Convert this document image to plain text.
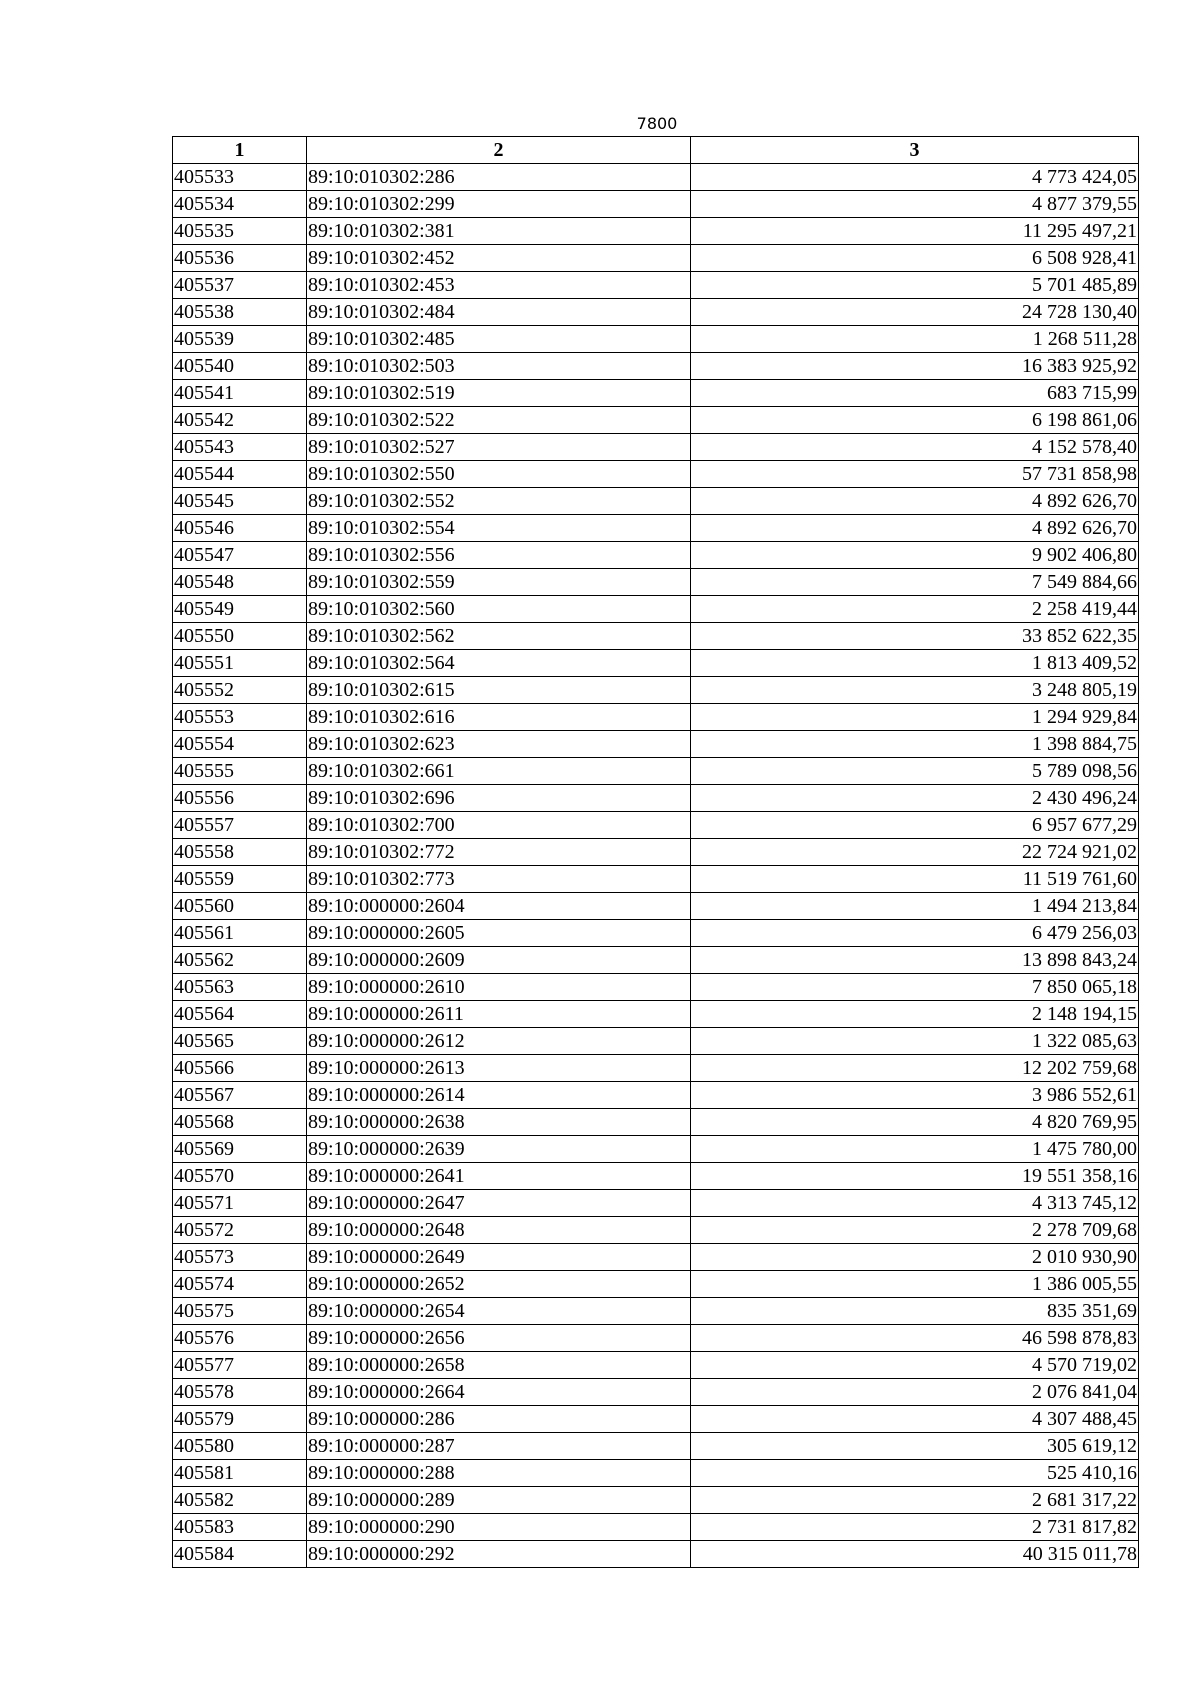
7800
1	2	3
405533	89:10:010302:286	4 773 424,05
405534	89:10:010302:299	4 877 379,55
405535	89:10:010302:381	11 295 497,21
405536	89:10:010302:452	6 508 928,41
405537	89:10:010302:453	5 701 485,89
405538	89:10:010302:484	24 728 130,40
405539	89:10:010302:485	1 268 511,28
405540	89:10:010302:503	16 383 925,92
405541	89:10:010302:519	683 715,99
405542	89:10:010302:522	6 198 861,06
405543	89:10:010302:527	4 152 578,40
405544	89:10:010302:550	57 731 858,98
405545	89:10:010302:552	4 892 626,70
405546	89:10:010302:554	4 892 626,70
405547	89:10:010302:556	9 902 406,80
405548	89:10:010302:559	7 549 884,66
405549	89:10:010302:560	2 258 419,44
405550	89:10:010302:562	33 852 622,35
405551	89:10:010302:564	1 813 409,52
405552	89:10:010302:615	3 248 805,19
405553	89:10:010302:616	1 294 929,84
405554	89:10:010302:623	1 398 884,75
405555	89:10:010302:661	5 789 098,56
405556	89:10:010302:696	2 430 496,24
405557	89:10:010302:700	6 957 677,29
405558	89:10:010302:772	22 724 921,02
405559	89:10:010302:773	11 519 761,60
405560	89:10:000000:2604	1 494 213,84
405561	89:10:000000:2605	6 479 256,03
405562	89:10:000000:2609	13 898 843,24
405563	89:10:000000:2610	7 850 065,18
405564	89:10:000000:2611	2 148 194,15
405565	89:10:000000:2612	1 322 085,63
405566	89:10:000000:2613	12 202 759,68
405567	89:10:000000:2614	3 986 552,61
405568	89:10:000000:2638	4 820 769,95
405569	89:10:000000:2639	1 475 780,00
405570	89:10:000000:2641	19 551 358,16
405571	89:10:000000:2647	4 313 745,12
405572	89:10:000000:2648	2 278 709,68
405573	89:10:000000:2649	2 010 930,90
405574	89:10:000000:2652	1 386 005,55
405575	89:10:000000:2654	835 351,69
405576	89:10:000000:2656	46 598 878,83
405577	89:10:000000:2658	4 570 719,02
405578	89:10:000000:2664	2 076 841,04
405579	89:10:000000:286	4 307 488,45
405580	89:10:000000:287	305 619,12
405581	89:10:000000:288	525 410,16
405582	89:10:000000:289	2 681 317,22
405583	89:10:000000:290	2 731 817,82
405584	89:10:000000:292	40 315 011,78
